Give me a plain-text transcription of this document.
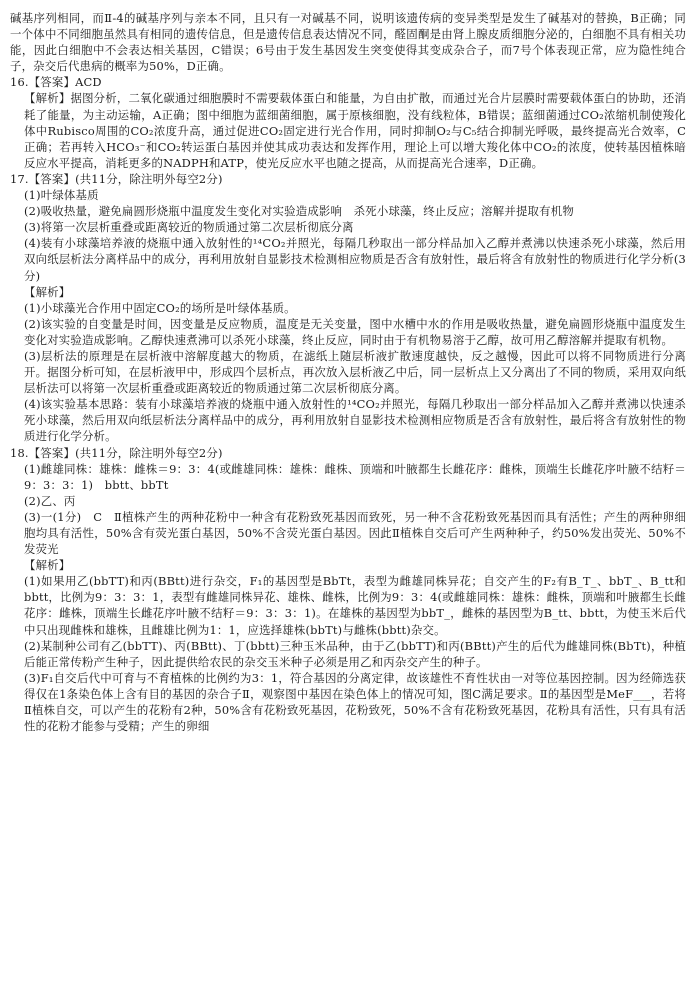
碱基序列相同，而Ⅱ-4的碱基序列与亲本不同，且只有一对碱基不同，说明该遗传病的变异类型是发生了碱基对的替换，B正确；同一个体中不同细胞虽然具有相同的遗传信息，但是遗传信息表达情况不同，醛固酮是由肾上腺皮质细胞分泌的，白细胞不具有相关功能，因此白细胞中不会表达相关基因，C错误；6号由于发生基因发生突变使得其变成杂合子，而7号个体表现正常，应为隐性纯合子，杂交后代患病的概率为50%，D正确。

16.【答案】ACD

【解析】据图分析，二氧化碳通过细胞膜时不需要载体蛋白和能量，为自由扩散，而通过光合片层膜时需要载体蛋白的协助，还消耗了能量，为主动运输，A正确；图中细胞为蓝细菌细胞，属于原核细胞，没有线粒体，B错误；蓝细菌通过CO₂浓缩机制使羧化体中Rubisco周围的CO₂浓度升高，通过促进CO₂固定进行光合作用，同时抑制O₂与C₅结合抑制光呼吸，最终提高光合效率，C正确；若再转入HCO₃⁻和CO₂转运蛋白基因并使其成功表达和发挥作用，理论上可以增大羧化体中CO₂的浓度，使转基因植株暗反应水平提高，消耗更多的NADPH和ATP，使光反应水平也随之提高，从而提高光合速率，D正确。

17.【答案】(共11分，除注明外每空2分)

(1)叶绿体基质

(2)吸收热量，避免扁圆形烧瓶中温度发生变化对实验造成影响　杀死小球藻，终止反应；溶解并提取有机物

(3)将第一次层析重叠或距离较近的物质通过第二次层析彻底分离

(4)装有小球藻培养液的烧瓶中通入放射性的¹⁴CO₂并照光，每隔几秒取出一部分样品加入乙醇并煮沸以快速杀死小球藻，然后用双向纸层析法分离样品中的成分，再利用放射自显影技术检测相应物质是否含有放射性，最后将含有放射性的物质进行化学分析(3分)

【解析】

(1)小球藻光合作用中固定CO₂的场所是叶绿体基质。

(2)该实验的自变量是时间，因变量是反应物质，温度是无关变量，图中水槽中水的作用是吸收热量，避免扁圆形烧瓶中温度发生变化对实验造成影响。乙醇快速煮沸可以杀死小球藻，终止反应，同时由于有机物易溶于乙醇，故可用乙醇溶解并提取有机物。

(3)层析法的原理是在层析液中溶解度越大的物质，在滤纸上随层析液扩散速度越快，反之越慢，因此可以将不同物质进行分离开。据图分析可知，在层析液甲中，形成四个层析点，再次放入层析液乙中后，同一层析点上又分离出了不同的物质，采用双向纸层析法可以将第一次层析重叠或距离较近的物质通过第二次层析彻底分离。

(4)该实验基本思路：装有小球藻培养液的烧瓶中通入放射性的¹⁴CO₂并照光，每隔几秒取出一部分样品加入乙醇并煮沸以快速杀死小球藻，然后用双向纸层析法分离样品中的成分，再利用放射自显影技术检测相应物质是否含有放射性，最后将含有放射性的物质进行化学分析。

18.【答案】(共11分，除注明外每空2分)

(1)雌雄同株：雄株：雌株＝9：3：4(或雌雄同株：雄株：雌株、顶端和叶腋都生长雌花序：雌株，顶端生长雌花序叶腋不结籽＝9：3：3：1)　bbtt、bbTt

(2)乙、丙

(3)一(1分)　C　Ⅱ植株产生的两种花粉中一种含有花粉致死基因而致死，另一种不含花粉致死基因而具有活性；产生的两种卵细胞均具有活性，50%含有荧光蛋白基因，50%不含荧光蛋白基因。因此Ⅱ植株自交后可产生两种种子，约50%发出荧光、50%不发荧光

【解析】

(1)如果用乙(bbTT)和丙(BBtt)进行杂交，F₁的基因型是BbTt，表型为雌雄同株异花；自交产生的F₂有B_T_、bbT_、B_tt和bbtt，比例为9：3：3：1，表型有雌雄同株异花、雄株、雌株，比例为9：3：4(或雌雄同株：雄株：雌株，顶端和叶腋都生长雌花序：雌株，顶端生长雌花序叶腋不结籽＝9：3：3：1)。在雄株的基因型为bbT_，雌株的基因型为B_tt、bbtt，为使玉米后代中只出现雌株和雄株，且雌雄比例为1：1，应选择雄株(bbTt)与雌株(bbtt)杂交。

(2)某制种公司有乙(bbTT)、丙(BBtt)、丁(bbtt)三种玉米品种，由于乙(bbTT)和丙(BBtt)产生的后代为雌雄同株(BbTt)，种植后能正常传粉产生种子，因此提供给农民的杂交玉米种子必须是用乙和丙杂交产生的种子。

(3)F₁自交后代中可育与不育植株的比例约为3：1，符合基因的分离定律，故该雄性不育性状由一对等位基因控制。因为经筛选获得仅在1条染色体上含有目的基因的杂合子Ⅱ，观察图中基因在染色体上的情况可知，图C满足要求。Ⅱ的基因型是MeF___，若将Ⅱ植株自交，可以产生的花粉有2种，50%含有花粉致死基因，花粉致死，50%不含有花粉致死基因，花粉具有活性，只有具有活性的花粉才能参与受精；产生的卵细
